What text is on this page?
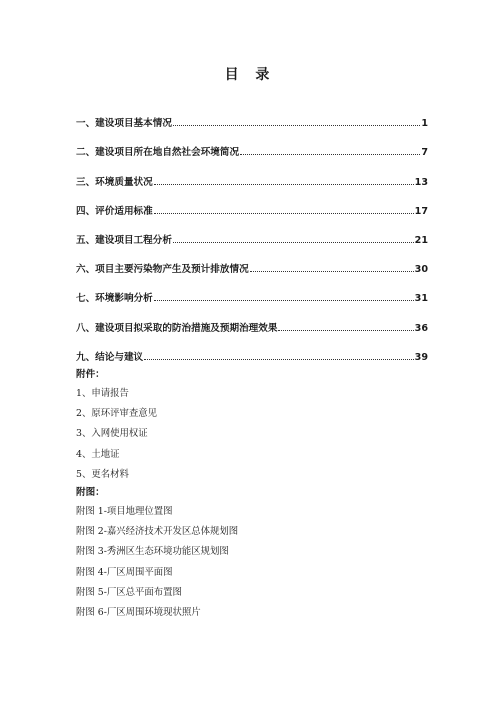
目 录
一、建设项目基本情况	1
二、建设项目所在地自然社会环境简况	7
三、环境质量状况	13
四、评价适用标准	17
五、建设项目工程分析	21
六、项目主要污染物产生及预计排放情况	30
七、环境影响分析	31
八、建设项目拟采取的防治措施及预期治理效果	36
九、结论与建议	39
附件：
1、申请报告
2、原环评审查意见
3、入网使用权证
4、土地证
5、更名材料
附图：
附图 1-项目地理位置图
附图 2-嘉兴经济技术开发区总体规划图
附图 3-秀洲区生态环境功能区规划图
附图 4-厂区周围平面图
附图 5-厂区总平面布置图
附图 6-厂区周围环境现状照片
